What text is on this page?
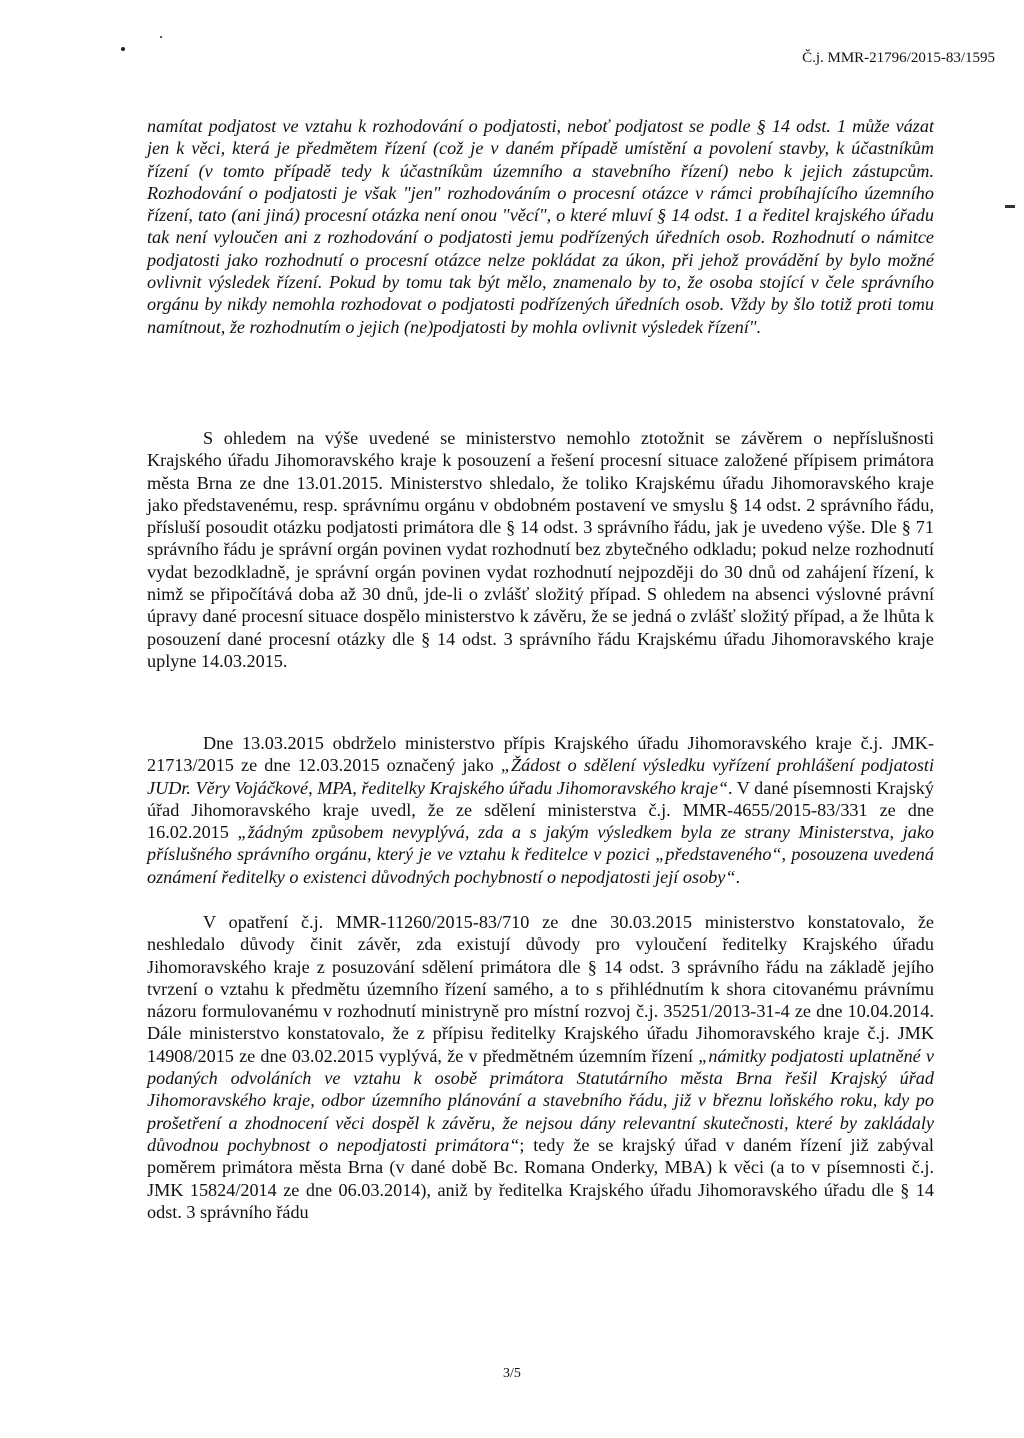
Č.j. MMR-21796/2015-83/1595

namítat podjatost ve vztahu k rozhodování o podjatosti, neboť podjatost se podle § 14 odst. 1 může vázat jen k věci, která je předmětem řízení (což je v daném případě umístění a povolení stavby, k účastníkům řízení (v tomto případě tedy k účastníkům územního a stavebního řízení) nebo k jejich zástupcům. Rozhodování o podjatosti je však "jen" rozhodováním o procesní otázce v rámci probíhajícího územního řízení, tato (ani jiná) procesní otázka není onou "věcí", o které mluví § 14 odst. 1 a ředitel krajského úřadu tak není vyloučen ani z rozhodování o podjatosti jemu podřízených úředních osob. Rozhodnutí o námitce podjatosti jako rozhodnutí o procesní otázce nelze pokládat za úkon, při jehož provádění by bylo možné ovlivnit výsledek řízení. Pokud by tomu tak být mělo, znamenalo by to, že osoba stojící v čele správního orgánu by nikdy nemohla rozhodovat o podjatosti podřízených úředních osob. Vždy by šlo totiž proti tomu namítnout, že rozhodnutím o jejich (ne)podjatosti by mohla ovlivnit výsledek řízení".

S ohledem na výše uvedené se ministerstvo nemohlo ztotožnit se závěrem o nepříslušnosti Krajského úřadu Jihomoravského kraje k posouzení a řešení procesní situace založené přípisem primátora města Brna ze dne 13.01.2015. Ministerstvo shledalo, že toliko Krajskému úřadu Jihomoravského kraje jako představenému, resp. správnímu orgánu v obdobném postavení ve smyslu § 14 odst. 2 správního řádu, přísluší posoudit otázku podjatosti primátora dle § 14 odst. 3 správního řádu, jak je uvedeno výše. Dle § 71 správního řádu je správní orgán povinen vydat rozhodnutí bez zbytečného odkladu; pokud nelze rozhodnutí vydat bezodkladně, je správní orgán povinen vydat rozhodnutí nejpozději do 30 dnů od zahájení řízení, k nimž se připočítává doba až 30 dnů, jde-li o zvlášť složitý případ. S ohledem na absenci výslovné právní úpravy dané procesní situace dospělo ministerstvo k závěru, že se jedná o zvlášť složitý případ, a že lhůta k posouzení dané procesní otázky dle § 14 odst. 3 správního řádu Krajskému úřadu Jihomoravského kraje uplyne 14.03.2015.

Dne 13.03.2015 obdrželo ministerstvo přípis Krajského úřadu Jihomoravského kraje č.j. JMK-21713/2015 ze dne 12.03.2015 označený jako „Žádost o sdělení výsledku vyřízení prohlášení podjatosti JUDr. Věry Vojáčkové, MPA, ředitelky Krajského úřadu Jihomoravského kraje“. V dané písemnosti Krajský úřad Jihomoravského kraje uvedl, že ze sdělení ministerstva č.j. MMR-4655/2015-83/331 ze dne 16.02.2015 „žádným způsobem nevyplývá, zda a s jakým výsledkem byla ze strany Ministerstva, jako příslušného správního orgánu, který je ve vztahu k ředitelce v pozici „představeného“, posouzena uvedená oznámení ředitelky o existenci důvodných pochybností o nepodjatosti její osoby“.

V opatření č.j. MMR-11260/2015-83/710 ze dne 30.03.2015 ministerstvo konstatovalo, že neshledalo důvody činit závěr, zda existují důvody pro vyloučení ředitelky Krajského úřadu Jihomoravského kraje z posuzování sdělení primátora dle § 14 odst. 3 správního řádu na základě jejího tvrzení o vztahu k předmětu územního řízení samého, a to s přihlédnutím k shora citovanému právnímu názoru formulovanému v rozhodnutí ministryně pro místní rozvoj č.j. 35251/2013-31-4 ze dne 10.04.2014. Dále ministerstvo konstatovalo, že z přípisu ředitelky Krajského úřadu Jihomoravského kraje č.j. JMK 14908/2015 ze dne 03.02.2015 vyplývá, že v předmětném územním řízení „námitky podjatosti uplatněné v podaných odvoláních ve vztahu k osobě primátora Statutárního města Brna řešil Krajský úřad Jihomoravského kraje, odbor územního plánování a stavebního řádu, již v březnu loňského roku, kdy po prošetření a zhodnocení věci dospěl k závěru, že nejsou dány relevantní skutečnosti, které by zakládaly důvodnou pochybnost o nepodjatosti primátora“; tedy že se krajský úřad v daném řízení již zabýval poměrem primátora města Brna (v dané době Bc. Romana Onderky, MBA) k věci (a to v písemnosti č.j. JMK 15824/2014 ze dne 06.03.2014), aniž by ředitelka Krajského úřadu Jihomoravského úřadu dle § 14 odst. 3 správního řádu

3/5
